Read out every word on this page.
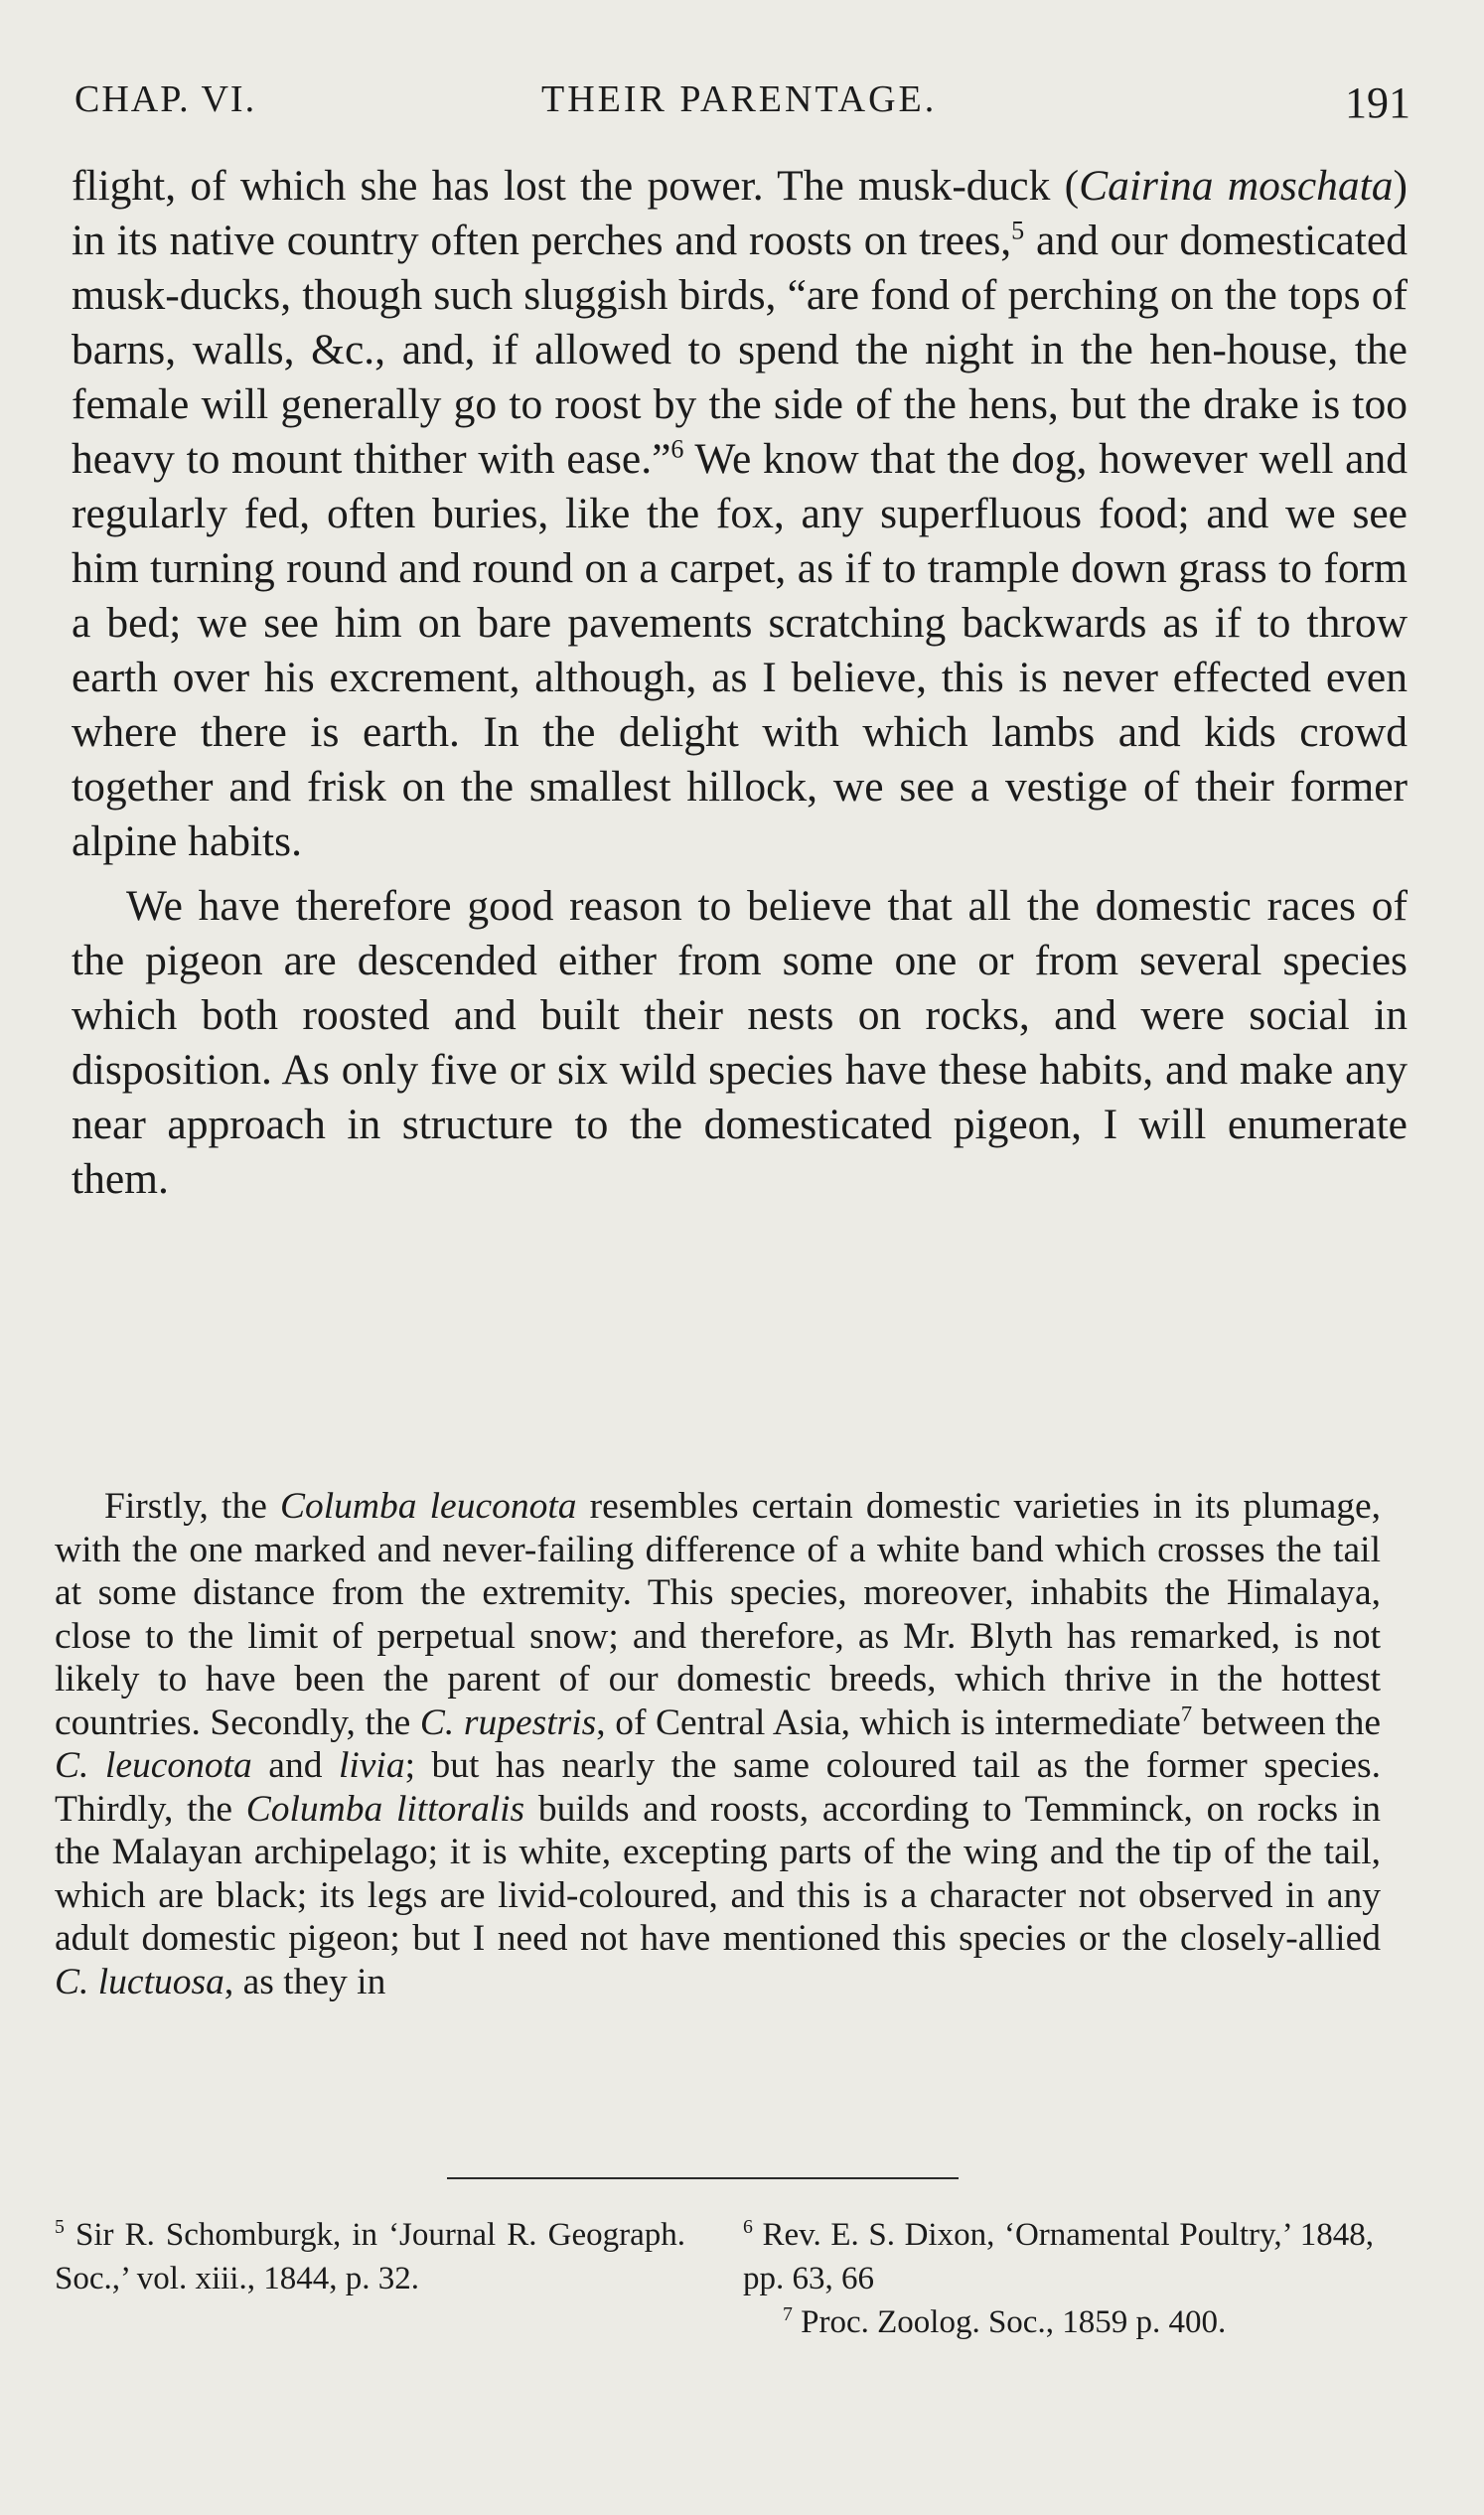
CHAP. VI.	THEIR PARENTAGE.	191

flight, of which she has lost the power. The musk-duck (Cairina moschata) in its native country often perches and roosts on trees,$^5$ and our domesticated musk-ducks, though such sluggish birds, “are fond of perching on the tops of barns, walls, &c., and, if allowed to spend the night in the hen-house, the female will generally go to roost by the side of the hens, but the drake is too heavy to mount thither with ease.”$^6$ We know that the dog, however well and regularly fed, often buries, like the fox, any superfluous food; and we see him turning round and round on a carpet, as if to trample down grass to form a bed; we see him on bare pavements scratching backwards as if to throw earth over his excrement, although, as I believe, this is never effected even where there is earth. In the delight with which lambs and kids crowd together and frisk on the smallest hillock, we see a vestige of their former alpine habits.

We have therefore good reason to believe that all the domestic races of the pigeon are descended either from some one or from several species which both roosted and built their nests on rocks, and were social in disposition. As only five or six wild species have these habits, and make any near approach in structure to the domesticated pigeon, I will enumerate them.

Firstly, the Columba leuconota resembles certain domestic varieties in its plumage, with the one marked and never-failing difference of a white band which crosses the tail at some distance from the extremity. This species, moreover, inhabits the Himalaya, close to the limit of perpetual snow; and therefore, as Mr. Blyth has remarked, is not likely to have been the parent of our domestic breeds, which thrive in the hottest countries. Secondly, the C. rupestris, of Central Asia, which is intermediate$^7$ between the C. leuconota and livia; but has nearly the same coloured tail as the former species. Thirdly, the Columba littoralis builds and roosts, according to Temminck, on rocks in the Malayan archipelago; it is white, excepting parts of the wing and the tip of the tail, which are black; its legs are livid-coloured, and this is a character not observed in any adult domestic pigeon; but I need not have mentioned this species or the closely-allied C. luctuosa, as they in

$^5$ Sir R. Schomburgk, in ‘Journal R. Geograph. Soc.,’ vol. xiii., 1844, p. 32.

$^6$ Rev. E. S. Dixon, ‘Ornamental Poultry,’ 1848, pp. 63, 66

$^7$ Proc. Zoolog. Soc., 1859 p. 400.
